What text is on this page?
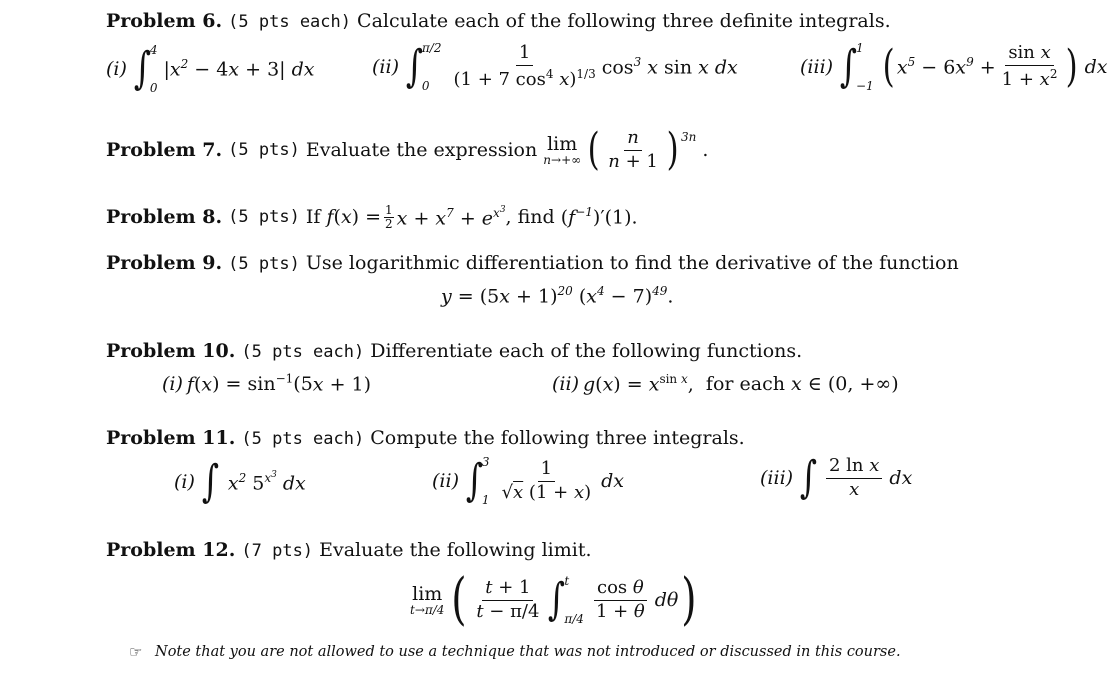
Problem 6. (5 pts each) Calculate each of the following three definite integrals.
(i) ∫
4
0
$|x^2 - 4x + 3|$ dx	(ii) ∫
π/2
0	$\frac{1}{(1 + 7 \cos^4 x)^{1/3}} \cos^3 x$ sin x dx	(iii) ∫
1
−1 ( $x^5 - 6x^9 + \frac{\text{sin x}}{1 + x^2}$ ) dx
Problem 7.
(5 pts)
Evaluate the expression
lim
n→+∞ ( $\frac{n}{n + 1}$ ) 3n
.
Problem 8.
(5 pts)
If
$f(x) = \frac{1}{2}$ $x + x^7 + e^{x^3}$ , find
$(f^{-1})'(1)$.
Problem 9. (5 pts) Use logarithmic differentiation to find the derivative of the function
$y = (5x + 1)^{20}$ $(x^4 - 7)^{49}$.
Problem 10. (5 pts each) Differentiate each of the following functions.
(i) $f(x) = \sin^{-1}(5x + 1)$	(ii) $g(x) = x^{sin x}$,
for each
x ∈ (0, +∞)
Problem 11. (5 pts each) Compute the following three integrals.
(i) ∫ $x^2$ $5^{x^3}$ dx	(ii) ∫
3
$1 \frac{1}{√x (1 + x)}$ dx	(iii) ∫ $\frac{\text{2 ln x}}{x}$ dx
Problem 12. (7 pts) Evaluate the following limit.
lim
t→π/4 ( $\frac{t + 1}{t - \pi/4}$ ∫
t
$\pi/4 \frac{\text{cos θ}}{1 + \theta}$ dθ )
☞ Note that you are not allowed to use a technique that was not introduced or discussed in this course.
